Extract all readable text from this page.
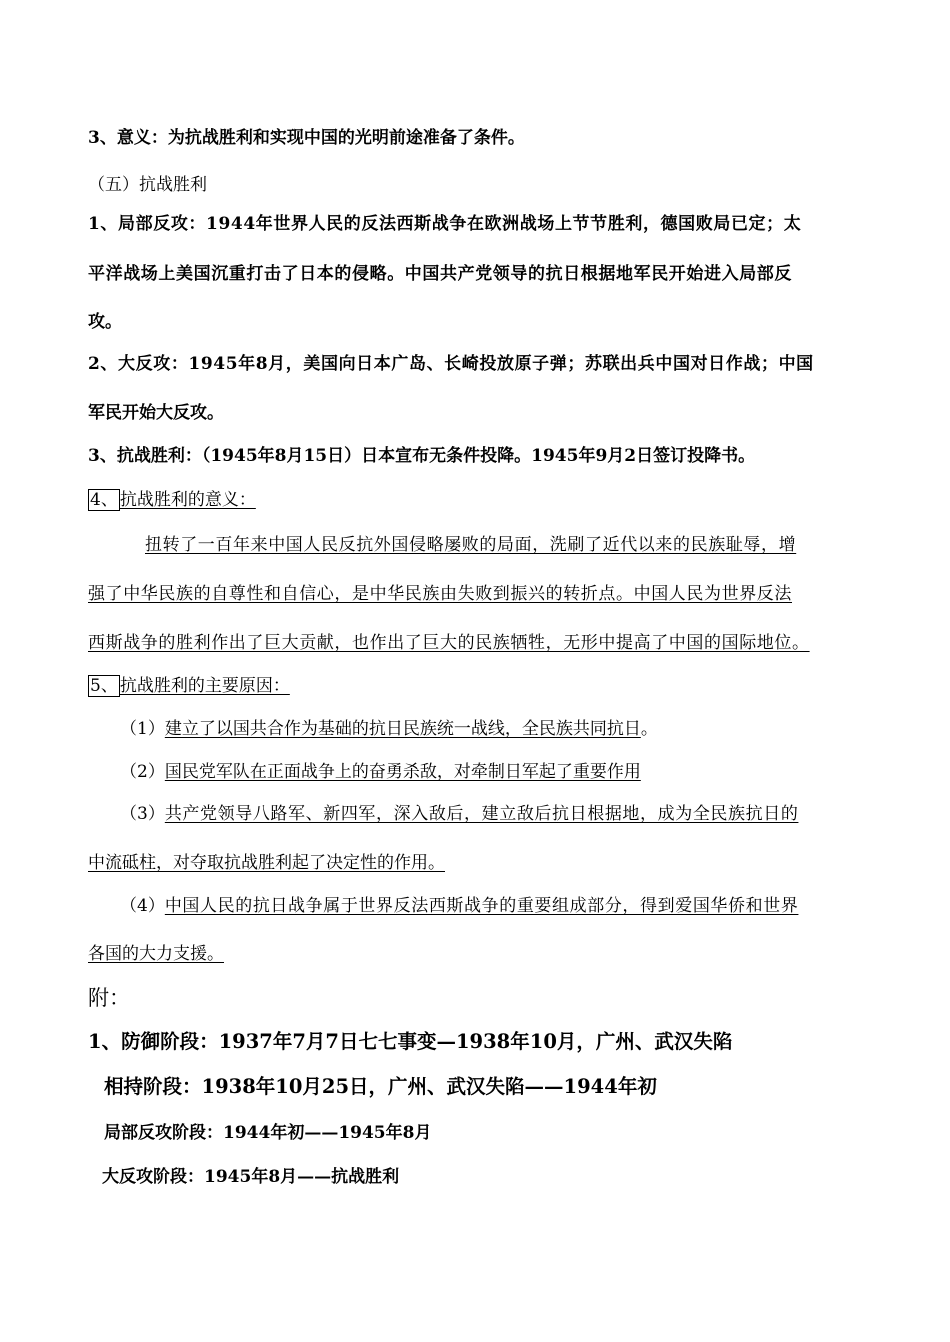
3、意义：为抗战胜利和实现中国的光明前途准备了条件。
（五）抗战胜利
1、局部反攻：1944年世界人民的反法西斯战争在欧洲战场上节节胜利，德国败局已定；太
平洋战场上美国沉重打击了日本的侵略。中国共产党领导的抗日根据地军民开始进入局部反
攻。
2、大反攻：1945年8月，美国向日本广岛、长崎投放原子弹；苏联出兵中国对日作战；中国
军民开始大反攻。
3、抗战胜利：（1945年8月15日）日本宣布无条件投降。1945年9月2日签订投降书。
4、 抗战胜利的意义：
扭转了一百年来中国人民反抗外国侵略屡败的局面，洗刷了近代以来的民族耻辱，增
强了中华民族的自尊性和自信心，是中华民族由失败到振兴的转折点。中国人民为世界反法
西斯战争的胜利作出了巨大贡献，也作出了巨大的民族牺牲，无形中提高了中国的国际地位。
5、 抗战胜利的主要原因：
（1）建立了以国共合作为基础的抗日民族统一战线，全民族共同抗日。
（2）国民党军队在正面战争上的奋勇杀敌，对牵制日军起了重要作用
（3）共产党领导八路军、新四军，深入敌后，建立敌后抗日根据地，成为全民族抗日的
中流砥柱，对夺取抗战胜利起了决定性的作用。
（4）中国人民的抗日战争属于世界反法西斯战争的重要组成部分，得到爱国华侨和世界
各国的大力支援。
附：
1、防御阶段：1937年7月7日七七事变—1938年10月，广州、武汉失陷
相持阶段：1938年10月25日，广州、武汉失陷——1944年初
局部反攻阶段：1944年初——1945年8月
大反攻阶段：1945年8月——抗战胜利
